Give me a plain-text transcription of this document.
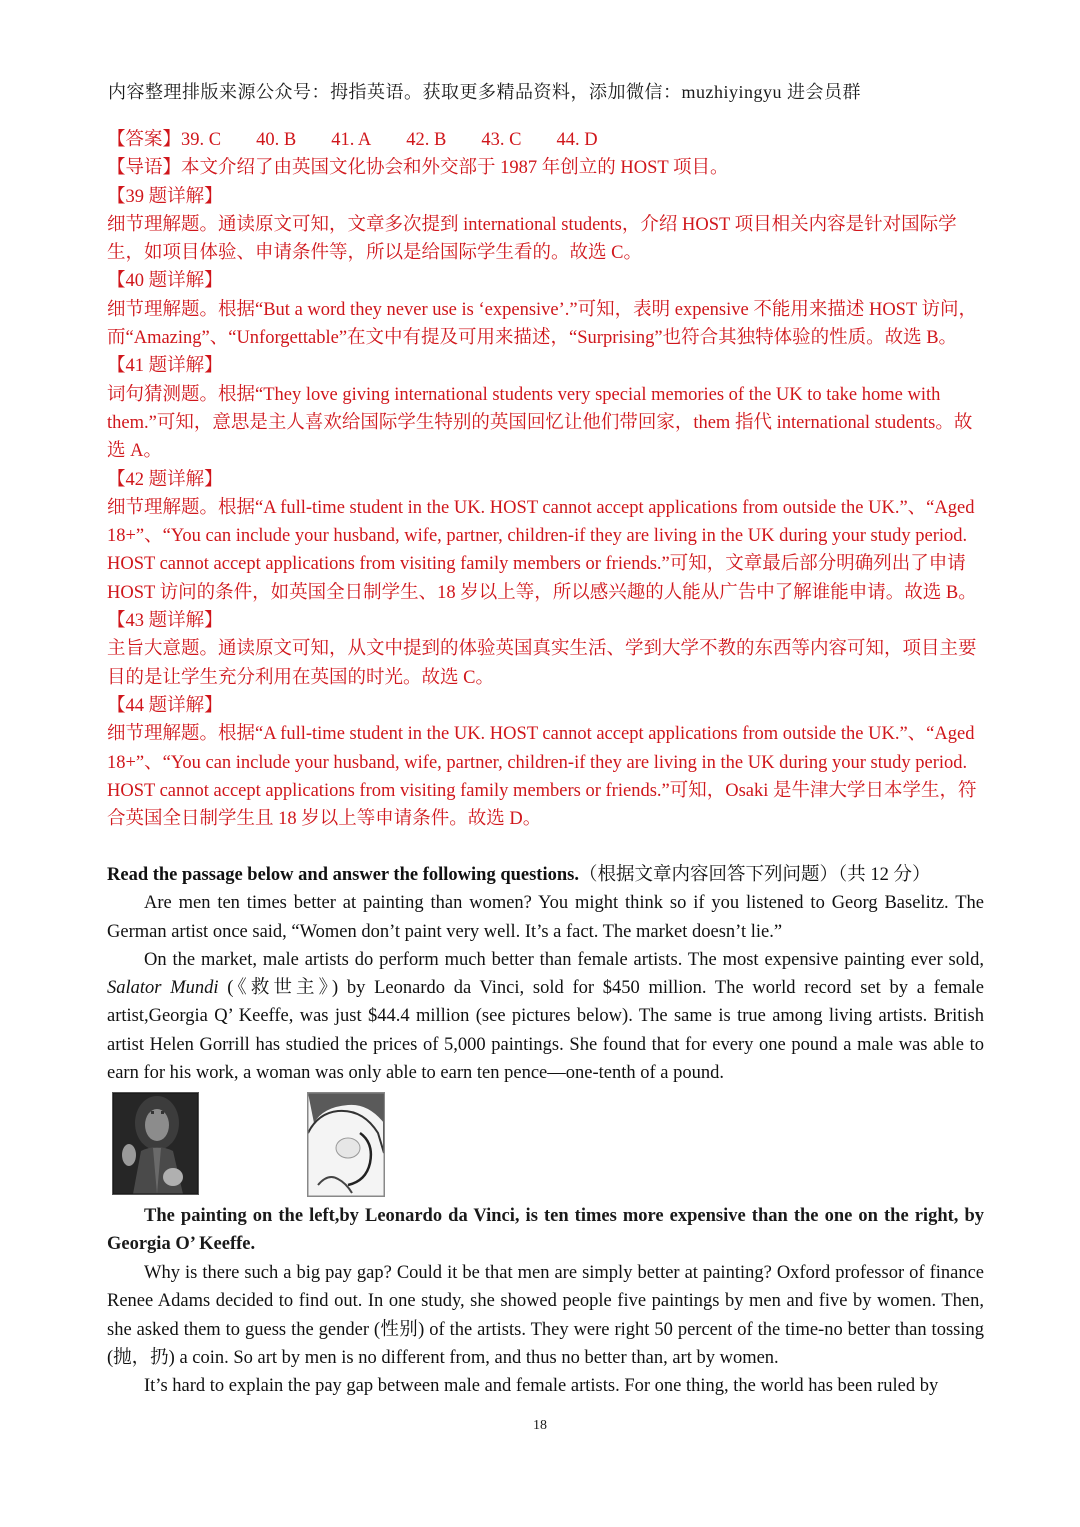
内容整理排版来源公众号：拇指英语。获取更多精品资料，添加微信：muzhiyingyu 进会员群

【答案】 39. C 40. B 41. A 42. B 43. C 44. D

【导语】本文介绍了由英国文化协会和外交部于 1987 年创立的 HOST 项目。

【39 题详解】

细节理解题。通读原文可知，文章多次提到 international students，介绍 HOST 项目相关内容是针对国际学生，如项目体验、申请条件等，所以是给国际学生看的。故选 C。

【40 题详解】

细节理解题。根据“But a word they never use is ‘expensive’.”可知，表明 expensive 不能用来描述 HOST 访问，而“Amazing”、“Unforgettable”在文中有提及可用来描述，“Surprising”也符合其独特体验的性质。故选 B。

【41 题详解】

词句猜测题。根据“They love giving international students very special memories of the UK to take home with them.”可知，意思是主人喜欢给国际学生特别的英国回忆让他们带回家，them 指代 international students。故选 A。

【42 题详解】

细节理解题。根据“A full-time student in the UK. HOST cannot accept applications from outside the UK.”、“Aged 18+”、“You can include your husband, wife, partner, children-if they are living in the UK during your study period. HOST cannot accept applications from visiting family members or friends.”可知，文章最后部分明确列出了申请 HOST 访问的条件，如英国全日制学生、18 岁以上等，所以感兴趣的人能从广告中了解谁能申请。故选 B。

【43 题详解】

主旨大意题。通读原文可知，从文中提到的体验英国真实生活、学到大学不教的东西等内容可知，项目主要目的是让学生充分利用在英国的时光。故选 C。

【44 题详解】

细节理解题。根据“A full-time student in the UK. HOST cannot accept applications from outside the UK.”、“Aged 18+”、“You can include your husband, wife, partner, children-if they are living in the UK during your study period. HOST cannot accept applications from visiting family members or friends.”可知，Osaki 是牛津大学日本学生，符合英国全日制学生且 18 岁以上等申请条件。故选 D。

Read the passage below and answer the following questions.（根据文章内容回答下列问题）（共 12 分）

Are men ten times better at painting than women? You might think so if you listened to Georg Baselitz. The German artist once said, “Women don’t paint very well. It’s a fact. The market doesn’t lie.”

On the market, male artists do perform much better than female artists. The most expensive painting ever sold, Salator Mundi (《救世主》) by Leonardo da Vinci, sold for $450 million. The world record set by a female artist,Georgia Q’ Keeffe, was just $44.4 million (see pictures below). The same is true among living artists. British artist Helen Gorrill has studied the prices of 5,000 paintings. She found that for every one pound a male was able to earn for his work, a woman was only able to earn ten pence—one-tenth of a pound.

The painting on the left,by Leonardo da Vinci, is ten times more expensive than the one on the right, by Georgia O’ Keeffe.

Why is there such a big pay gap? Could it be that men are simply better at painting? Oxford professor of finance Renee Adams decided to find out. In one study, she showed people five paintings by men and five by women. Then, she asked them to guess the gender (性别) of the artists. They were right 50 percent of the time-no better than tossing (抛，扔) a coin. So art by men is no different from, and thus no better than, art by women.

It’s hard to explain the pay gap between male and female artists. For one thing, the world has been ruled by

18
